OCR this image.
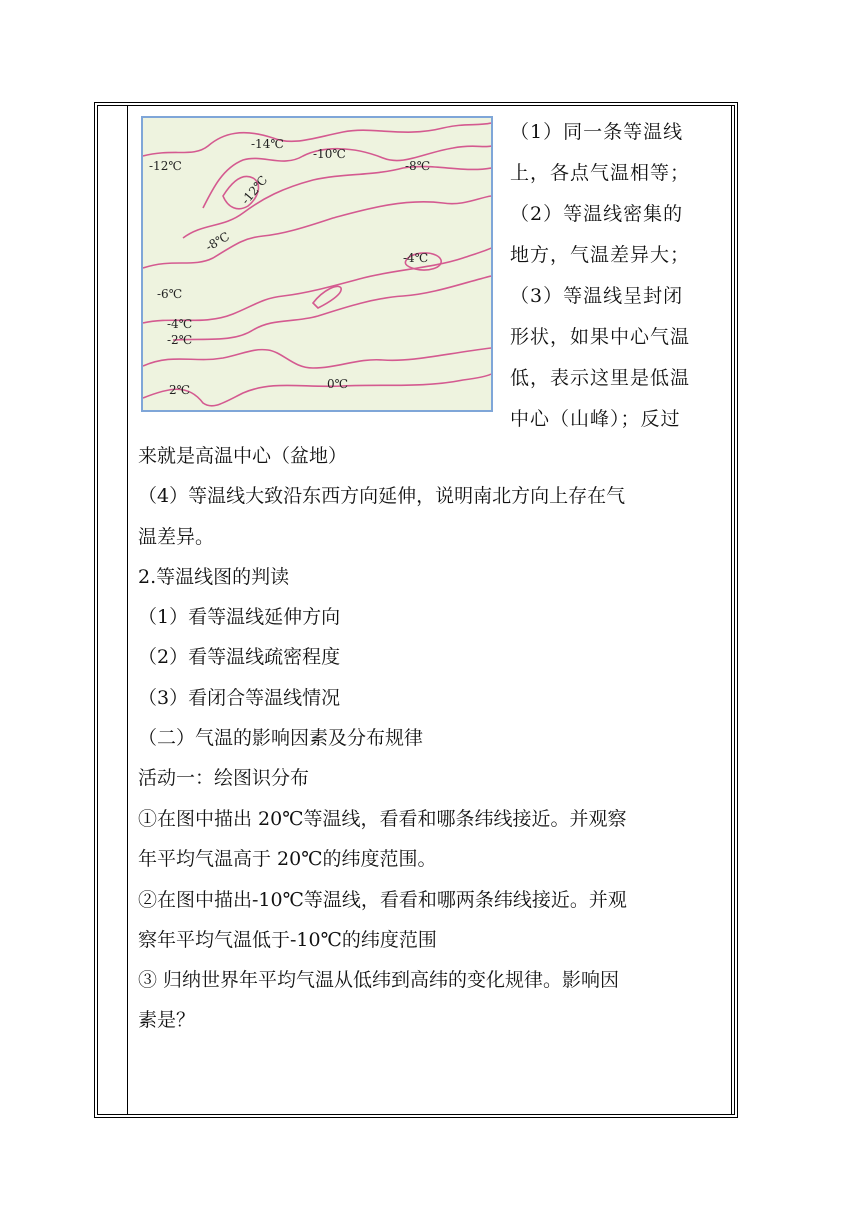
-14℃
-10℃
-12℃	-8℃
-12℃
-8℃
-4℃
-6℃
-4℃
-2℃
0℃
2℃
（1）同一条等温线
上，各点气温相等；
（2）等温线密集的
地方，气温差异大；
（3）等温线呈封闭
形状，如果中心气温
低，表示这里是低温
中心（山峰）；反过
来就是高温中心（盆地）
（4）等温线大致沿东西方向延伸，说明南北方向上存在气
温差异。
2.等温线图的判读
（1）看等温线延伸方向
（2）看等温线疏密程度
（3）看闭合等温线情况
（二）气温的影响因素及分布规律
活动一：绘图识分布
①在图中描出 20℃等温线，看看和哪条纬线接近。并观察
年平均气温高于 20℃的纬度范围。
②在图中描出-10℃等温线，看看和哪两条纬线接近。并观
察年平均气温低于-10℃的纬度范围
③ 归纳世界年平均气温从低纬到高纬的变化规律。影响因
素是？
